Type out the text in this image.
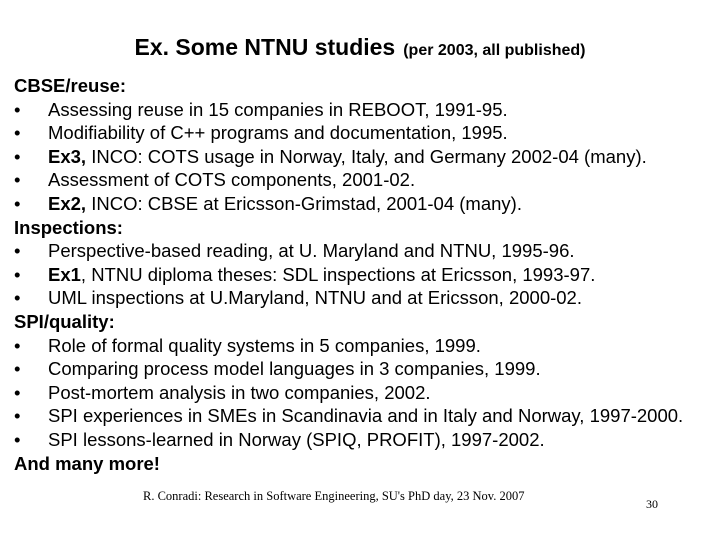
Ex. Some NTNU studies (per 2003, all published)
CBSE/reuse:
• Assessing reuse in 15 companies in REBOOT, 1991-95.
• Modifiability of C++ programs and documentation, 1995.
• Ex3, INCO: COTS usage in Norway, Italy, and Germany 2002-04 (many).
• Assessment of COTS components, 2001-02.
• Ex2, INCO: CBSE at Ericsson-Grimstad, 2001-04 (many).
Inspections:
• Perspective-based reading, at U. Maryland and NTNU, 1995-96.
• Ex1, NTNU diploma theses: SDL inspections at Ericsson, 1993-97.
• UML inspections at U.Maryland, NTNU and at Ericsson, 2000-02.
SPI/quality:
• Role of formal quality systems in 5 companies, 1999.
• Comparing process model languages in 3 companies, 1999.
• Post-mortem analysis in two companies, 2002.
• SPI experiences in SMEs in Scandinavia and in Italy and Norway, 1997-2000.
• SPI lessons-learned in Norway (SPIQ, PROFIT), 1997-2002.
And many more!
R. Conradi: Research in Software Engineering, SU's PhD day, 23 Nov. 2007
30
